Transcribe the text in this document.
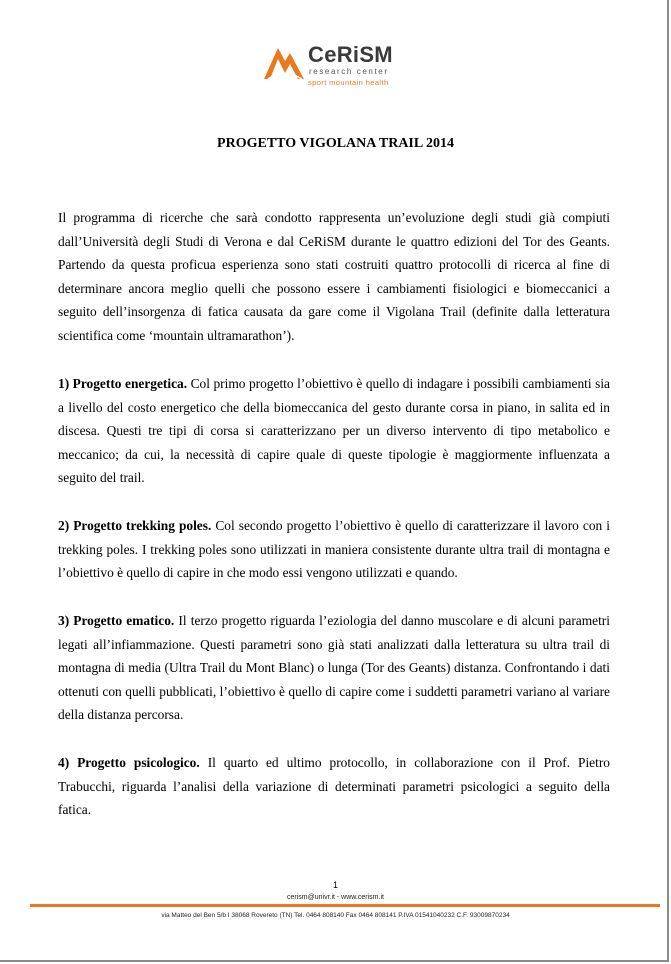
CeRiSM
research center
sport mountain health
PROGETTO VIGOLANA TRAIL 2014

Il programma di ricerche che sarà condotto rappresenta un’evoluzione degli studi già compiuti dall’Università degli Studi di Verona e dal CeRiSM durante le quattro edizioni del Tor des Geants. Partendo da questa proficua esperienza sono stati costruiti quattro protocolli di ricerca al fine di determinare ancora meglio quelli che possono essere i cambiamenti fisiologici e biomeccanici a seguito dell’insorgenza di fatica causata da gare come il Vigolana Trail (definite dalla letteratura scientifica come ‘mountain ultramarathon’).

1) Progetto energetica. Col primo progetto l’obiettivo è quello di indagare i possibili cambiamenti sia a livello del costo energetico che della biomeccanica del gesto durante corsa in piano, in salita ed in discesa. Questi tre tipi di corsa si caratterizzano per un diverso intervento di tipo metabolico e meccanico; da cui, la necessità di capire quale di queste tipologie è maggiormente influenzata a seguito del trail.

2) Progetto trekking poles. Col secondo progetto l’obiettivo è quello di caratterizzare il lavoro con i trekking poles. I trekking poles sono utilizzati in maniera consistente durante ultra trail di montagna e l’obiettivo è quello di capire in che modo essi vengono utilizzati e quando.

3) Progetto ematico. Il terzo progetto riguarda l’eziologia del danno muscolare e di alcuni parametri legati all’infiammazione. Questi parametri sono già stati analizzati dalla letteratura su ultra trail di montagna di media (Ultra Trail du Mont Blanc) o lunga (Tor des Geants) distanza. Confrontando i dati ottenuti con quelli pubblicati, l’obiettivo è quello di capire come i suddetti parametri variano al variare della distanza percorsa.

4) Progetto psicologico. Il quarto ed ultimo protocollo, in collaborazione con il Prof. Pietro Trabucchi, riguarda l’analisi della variazione di determinati parametri psicologici a seguito della fatica.

1
cerism@univr.it - www.cerism.it
via Matteo del Ben 5/b I 38068 Rovereto (TN) Tel. 0464 808140 Fax 0464 808141 P.IVA 01541040232 C.F. 93009870234
